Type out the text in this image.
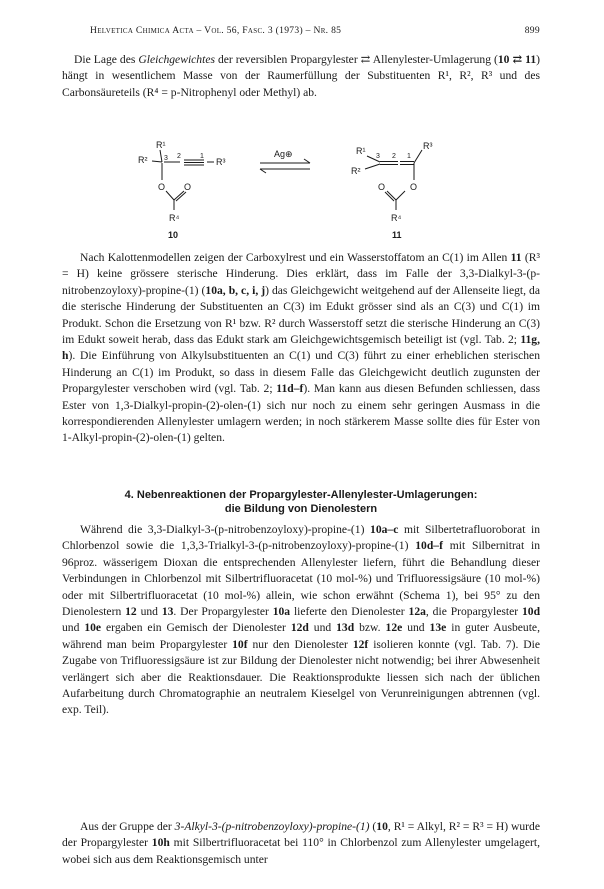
Helvetica Chimica Acta – Vol. 56, Fasc. 3 (1973) – Nr. 85	899
Die Lage des Gleichgewichtes der reversiblen Propargylester ⇄ Allenylester-Umlagerung (10 ⇄ 11) hängt in wesentlichem Masse von der Raumerfüllung der Substituenten R¹, R², R³ und des Carbonsäureteils (R⁴ = p-Nitrophenyl oder Methyl) ab.
R¹
R² 3 2	1
R³
O O
R⁴
10
Ag⊕	R¹
R²
3 2 1
R³
O
O
R⁴
11
Nach Kalottenmodellen zeigen der Carboxylrest und ein Wasserstoffatom an C(1) im Allen 11 (R³ = H) keine grössere sterische Hinderung. Dies erklärt, dass im Falle der 3,3-Dialkyl-3-(p-nitrobenzoyloxy)-propine-(1) (10a, b, c, i, j) das Gleichgewicht weitgehend auf der Allenseite liegt, da die sterische Hinderung der Substituenten an C(3) im Edukt grösser sind als an C(3) und C(1) im Produkt. Schon die Ersetzung von R¹ bzw. R² durch Wasserstoff setzt die sterische Hinderung an C(3) im Edukt soweit herab, dass das Edukt stark am Gleichgewichtsgemisch beteiligt ist (vgl. Tab. 2; 11g, h). Die Einführung von Alkylsubstituenten an C(1) und C(3) führt zu einer erheblichen sterischen Hinderung an C(1) im Produkt, so dass in diesem Falle das Gleichgewicht deutlich zugunsten der Propargylester verschoben wird (vgl. Tab. 2; 11d–f). Man kann aus diesen Befunden schliessen, dass Ester von 1,3-Dialkyl-propin-(2)-olen-(1) sich nur noch zu einem sehr geringen Ausmass in die korrespondierenden Allenylester umlagern werden; in noch stärkerem Masse sollte dies für Ester von 1-Alkyl-propin-(2)-olen-(1) gelten.
4. Nebenreaktionen der Propargylester-Allenylester-Umlagerungen:
die Bildung von Dienolestern
Während die 3,3-Dialkyl-3-(p-nitrobenzoyloxy)-propine-(1) 10a–c mit Silbertetrafluoroborat in Chlorbenzol sowie die 1,3,3-Trialkyl-3-(p-nitrobenzoyloxy)-propine-(1) 10d–f mit Silbernitrat in 96proz. wässerigem Dioxan die entsprechenden Allenylester liefern, führt die Behandlung dieser Verbindungen in Chlorbenzol mit Silbertrifluoracetat (10 mol-%) und Trifluoressigsäure (10 mol-%) oder mit Silbertrifluoracetat (10 mol-%) allein, wie schon erwähnt (Schema 1), bei 95° zu den Dienolestern 12 und 13. Der Propargylester 10a lieferte den Dienolester 12a, die Propargylester 10d und 10e ergaben ein Gemisch der Dienolester 12d und 13d bzw. 12e und 13e in guter Ausbeute, während man beim Propargylester 10f nur den Dienolester 12f isolieren konnte (vgl. Tab. 7). Die Zugabe von Trifluoressigsäure ist zur Bildung der Dienolester nicht notwendig; bei ihrer Abwesenheit verlängert sich aber die Reaktionsdauer. Die Reaktionsprodukte liessen sich nach der üblichen Aufarbeitung durch Chromatographie an neutralem Kieselgel von Verunreinigungen abtrennen (vgl. exp. Teil).
Aus der Gruppe der 3-Alkyl-3-(p-nitrobenzoyloxy)-propine-(1) (10, R¹ = Alkyl, R² = R³ = H) wurde der Propargylester 10h mit Silbertrifluoracetat bei 110° in Chlorbenzol zum Allenylester umgelagert, wobei sich aus dem Reaktionsgemisch unter
